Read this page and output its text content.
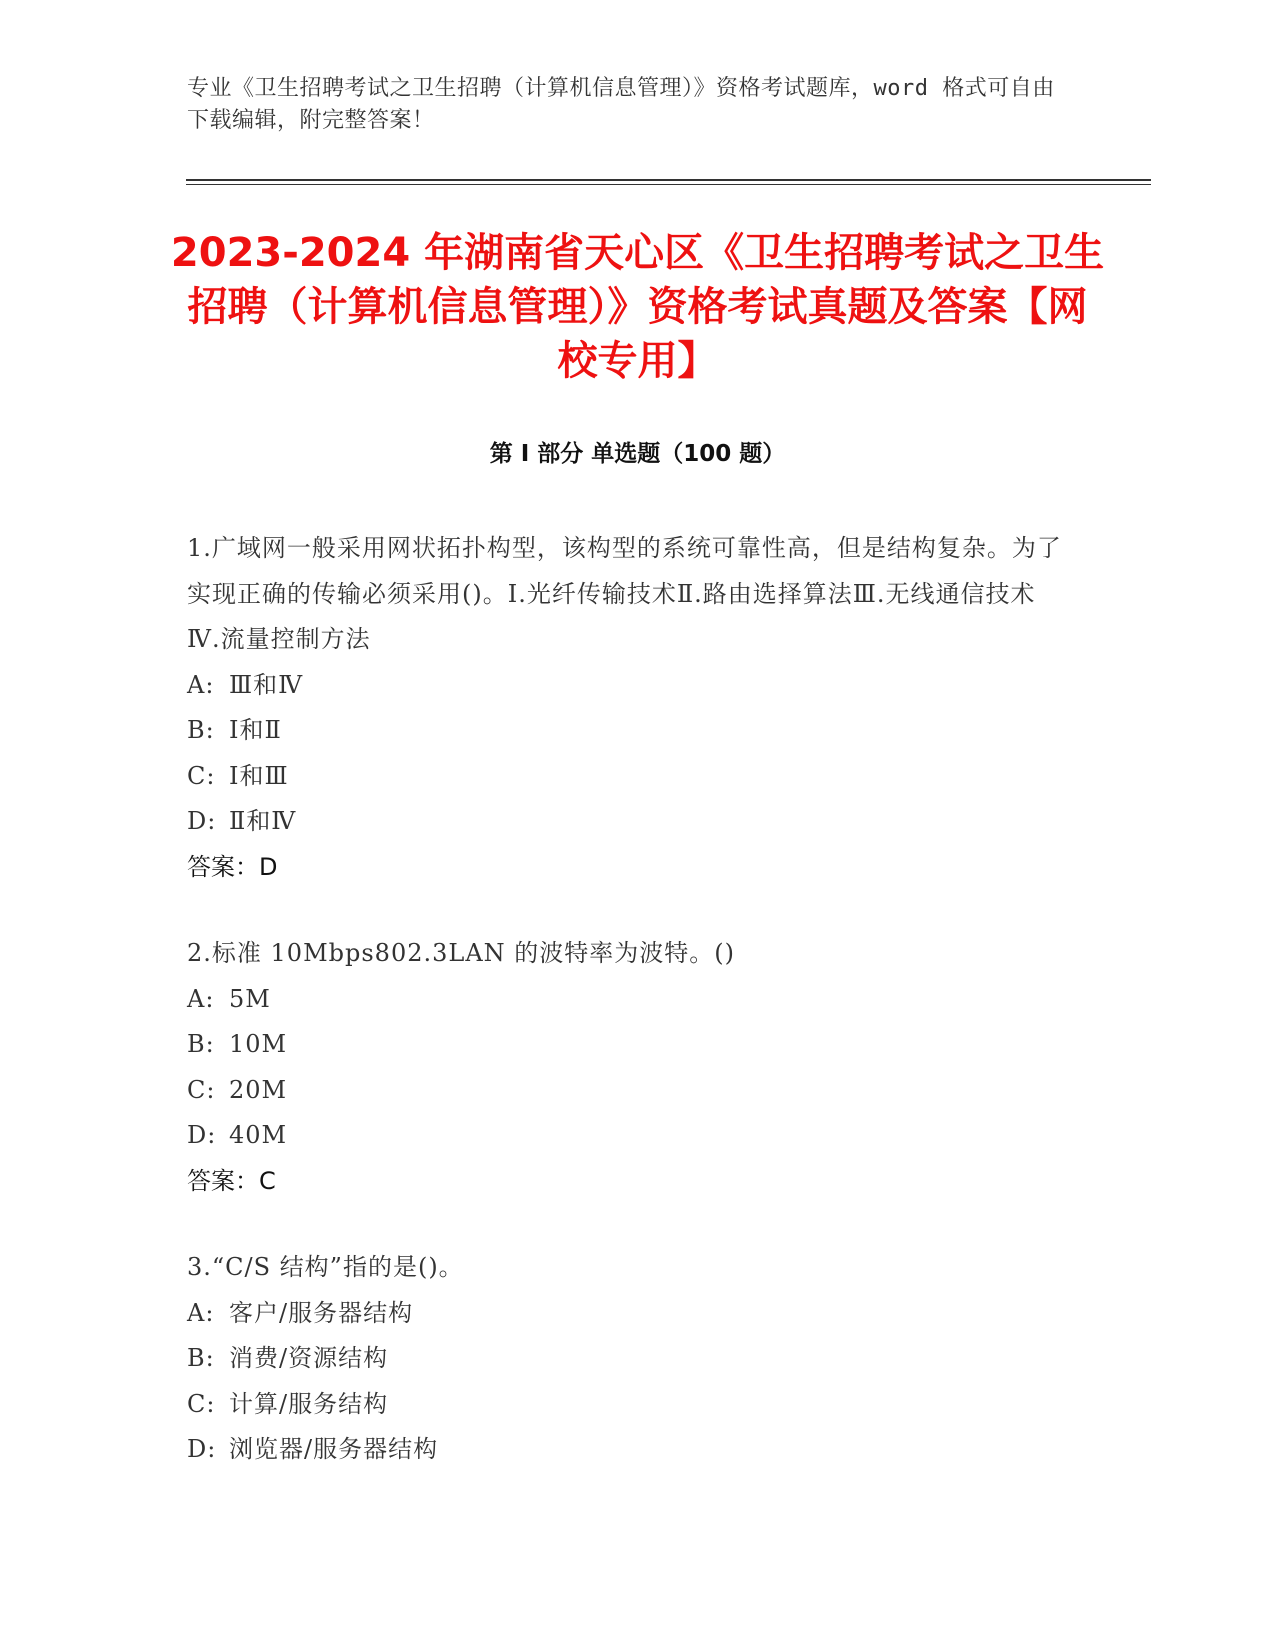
专业《卫生招聘考试之卫生招聘（计算机信息管理）》资格考试题库，word 格式可自由下载编辑，附完整答案！

2023-2024 年湖南省天心区《卫生招聘考试之卫生招聘（计算机信息管理）》资格考试真题及答案【网校专用】
第 I 部分 单选题（100 题）

1.广域网一般采用网状拓扑构型，该构型的系统可靠性高，但是结构复杂。为了实现正确的传输必须采用()。Ⅰ.光纤传输技术Ⅱ.路由选择算法Ⅲ.无线通信技术Ⅳ.流量控制方法

A: Ⅲ和Ⅳ
B: Ⅰ和Ⅱ
C: Ⅰ和Ⅲ
D: Ⅱ和Ⅳ

答案：D

2.标准 10Mbps802.3LAN 的波特率为波特。()

A: 5M
B: 10M
C: 20M
D: 40M

答案：C

3.“C/S 结构”指的是()。

A: 客户/服务器结构
B: 消费/资源结构
C: 计算/服务结构
D: 浏览器/服务器结构
